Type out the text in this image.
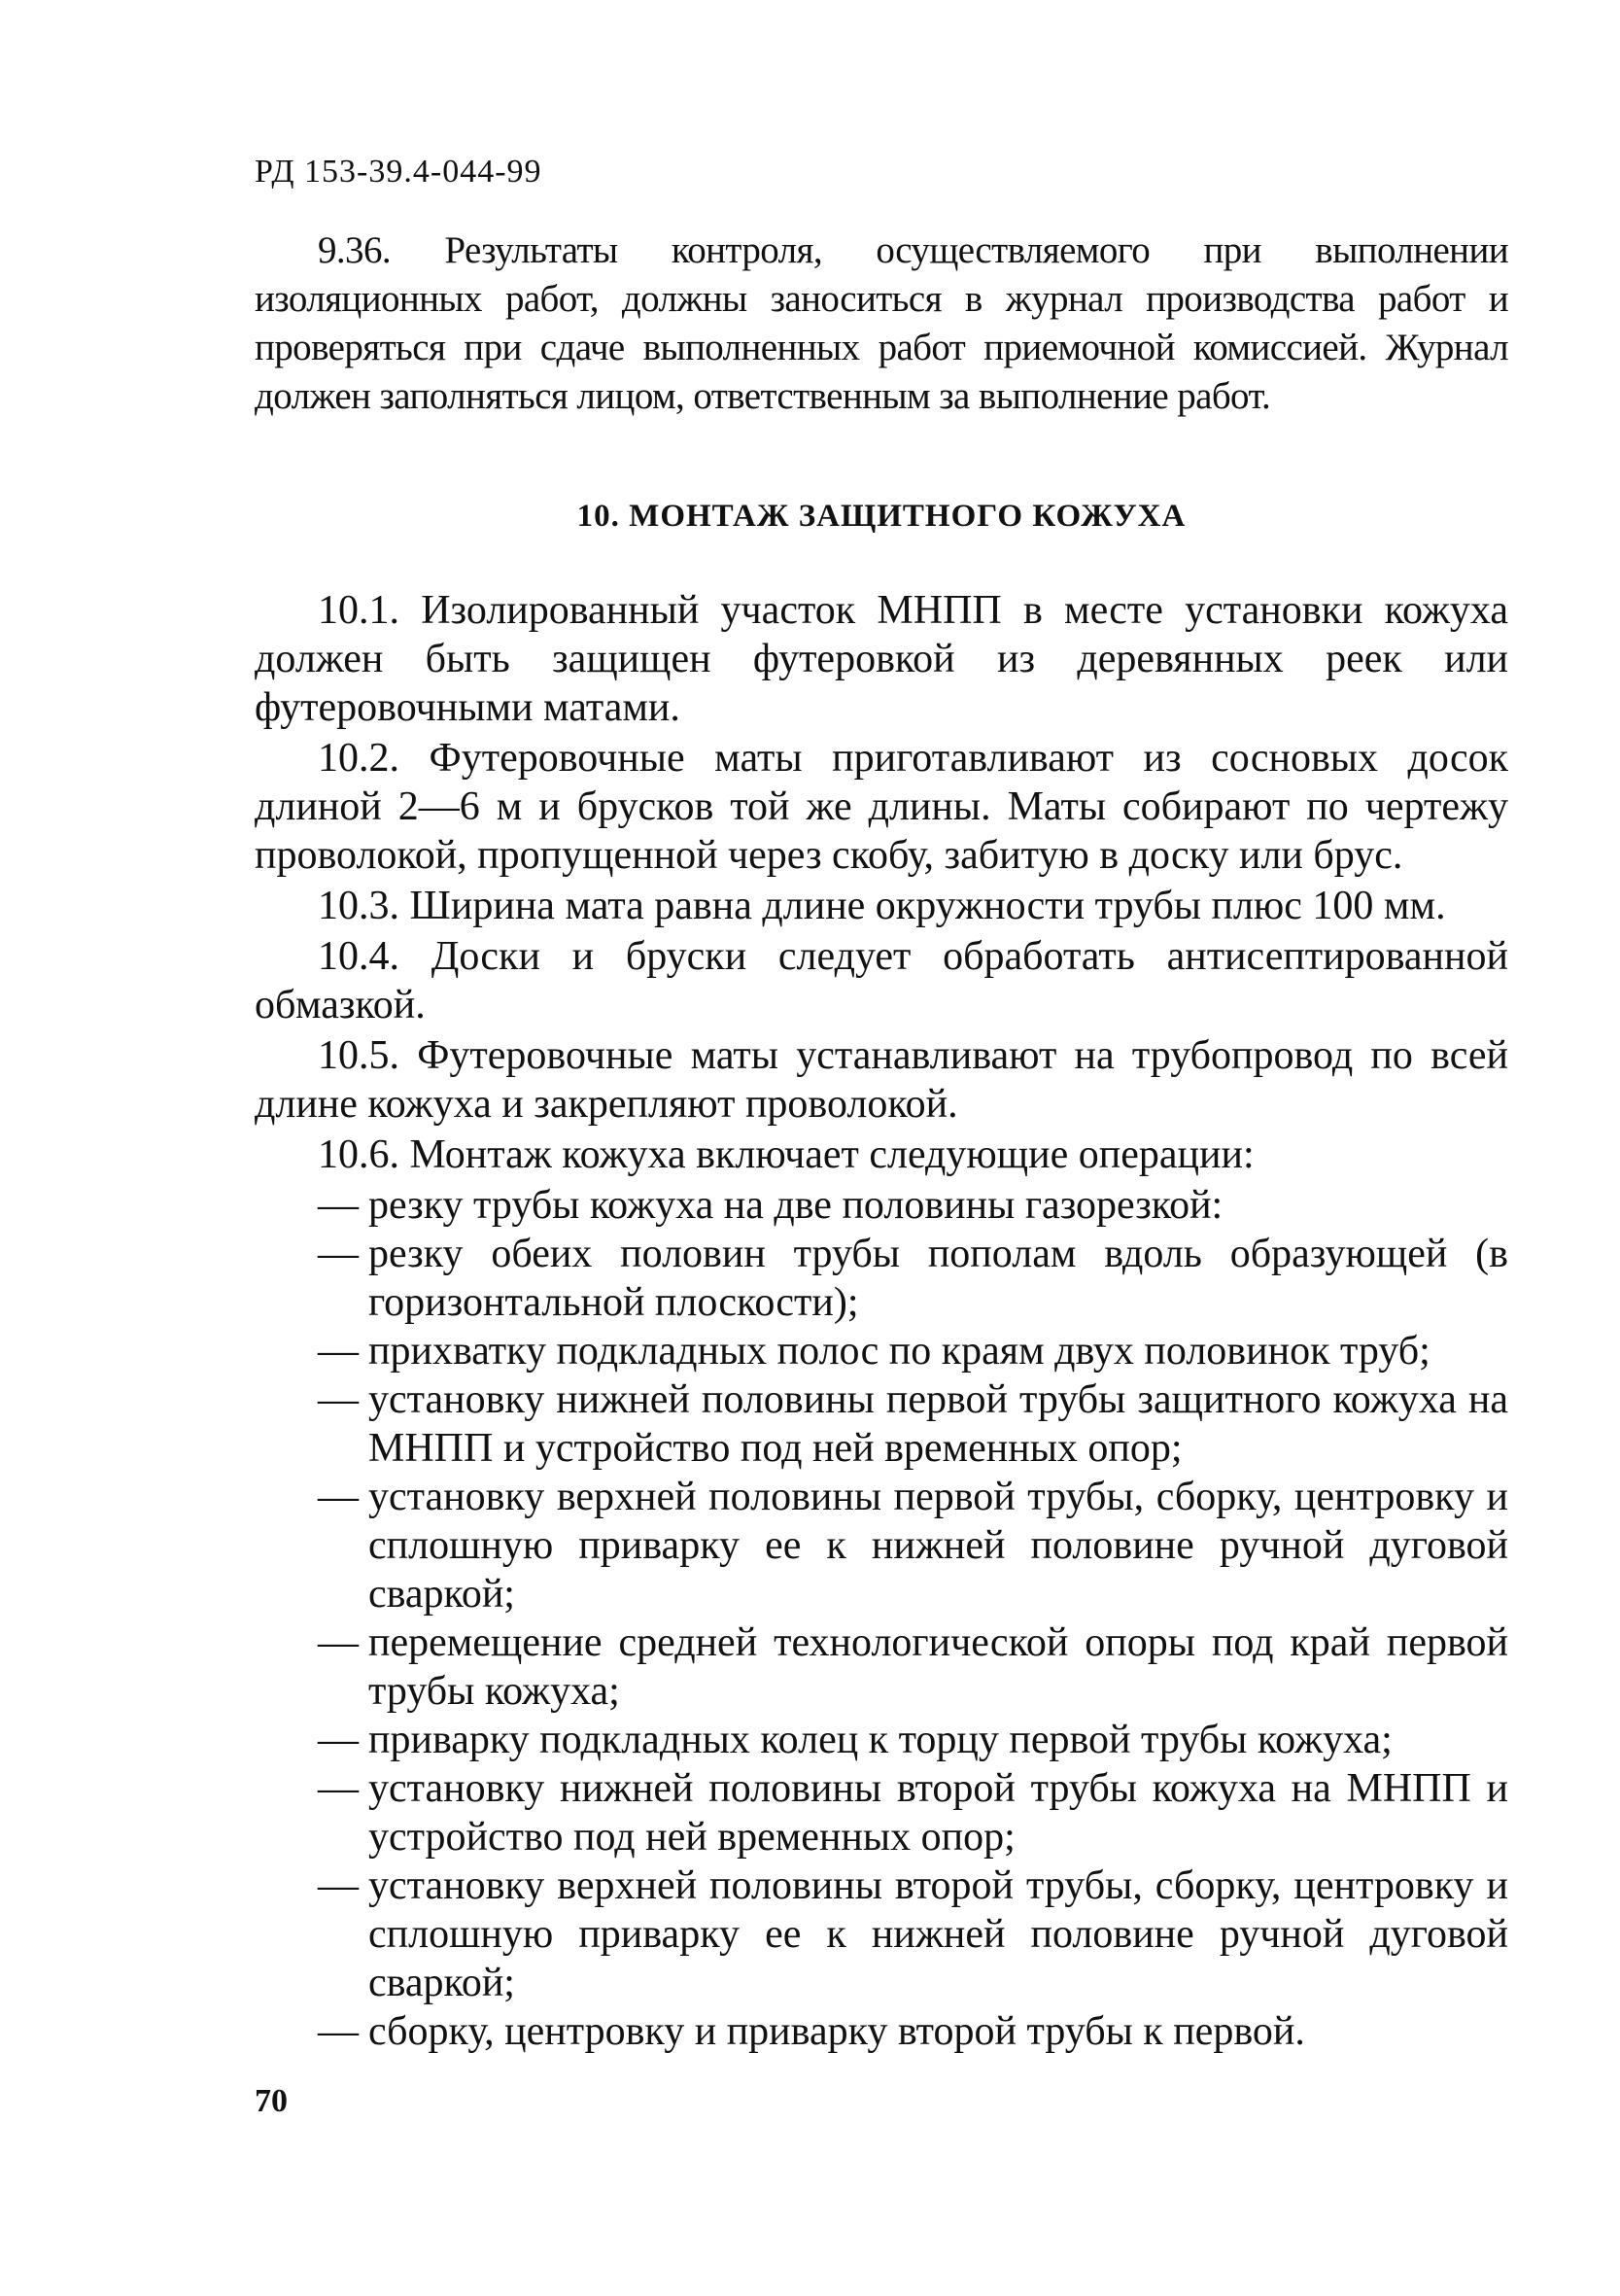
РД 153-39.4-044-99
9.36. Результаты контроля, осуществляемого при выполнении изоляционных работ, должны заноситься в журнал производства работ и проверяться при сдаче выполненных работ приемочной комиссией. Журнал должен заполняться лицом, ответственным за выполнение работ.
10. МОНТАЖ ЗАЩИТНОГО КОЖУХА

10.1. Изолированный участок МНПП в месте установки кожуха должен быть защищен футеровкой из деревянных реек или футеровочными матами.

10.2. Футеровочные маты приготавливают из сосновых досок длиной 2—6 м и брусков той же длины. Маты собирают по чертежу проволокой, пропущенной через скобу, забитую в доску или брус.

10.3. Ширина мата равна длине окружности трубы плюс 100 мм.

10.4. Доски и бруски следует обработать антисептированной обмазкой.

10.5. Футеровочные маты устанавливают на трубопровод по всей длине кожуха и закрепляют проволокой.

10.6. Монтаж кожуха включает следующие операции:

— резку трубы кожуха на две половины газорезкой:
— резку обеих половин трубы пополам вдоль образующей (в горизонтальной плоскости);
— прихватку подкладных полос по краям двух половинок труб;
— установку нижней половины первой трубы защитного кожуха на МНПП и устройство под ней временных опор;
— установку верхней половины первой трубы, сборку, центровку и сплошную приварку ее к нижней половине ручной дуговой сваркой;
— перемещение средней технологической опоры под край первой трубы кожуха;
— приварку подкладных колец к торцу первой трубы кожуха;
— установку нижней половины второй трубы кожуха на МНПП и устройство под ней временных опор;
— установку верхней половины второй трубы, сборку, центровку и сплошную приварку ее к нижней половине ручной дуговой сваркой;
— сборку, центровку и приварку второй трубы к первой.
70
